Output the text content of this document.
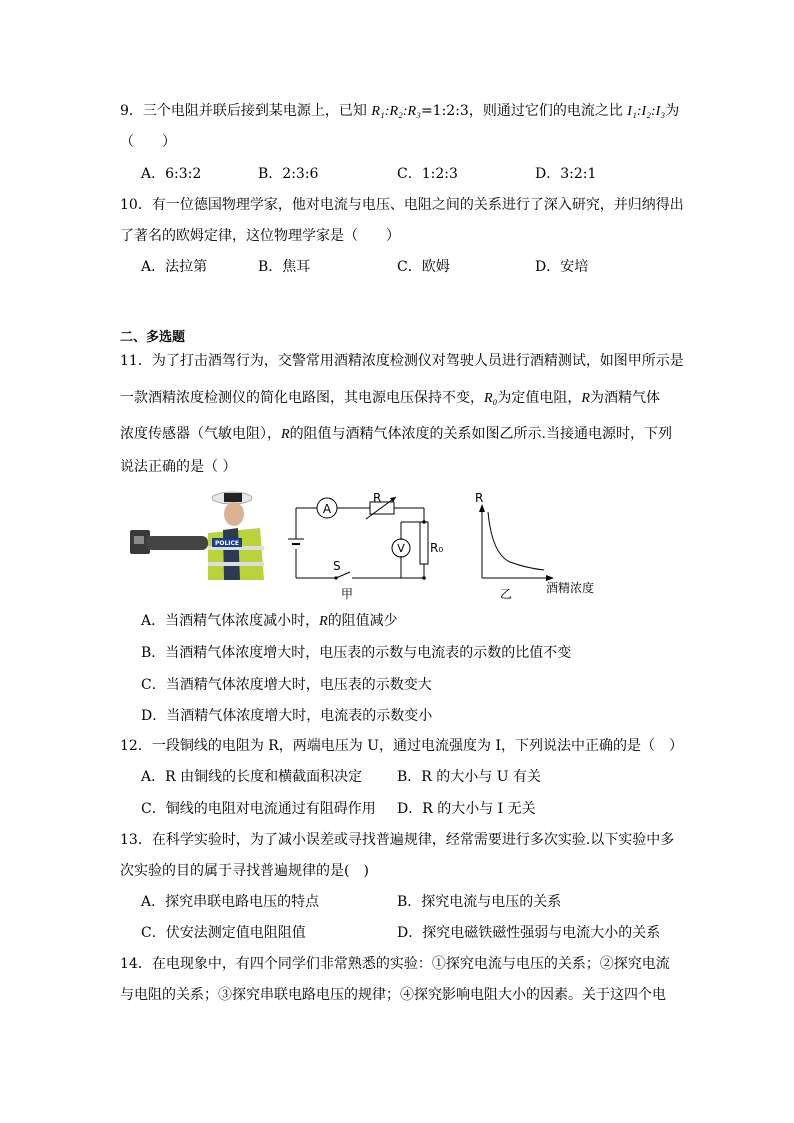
9．三个电阻并联后接到某电源上，已知 R₁:R₂:R₃=1:2:3，则通过它们的电流之比 I₁:I₂:I₃为
（　　）
A．6:3:2	B．2:3:6	C．1:2:3	D．3:2:1
10．有一位德国物理学家，他对电流与电压、电阻之间的关系进行了深入研究，并归纳得出
了著名的欧姆定律，这位物理学家是（　　）
A．法拉第	B．焦耳	C．欧姆	D．安培
二、多选题
11．为了打击酒驾行为，交警常用酒精浓度检测仪对驾驶人员进行酒精测试，如图甲所示是
一款酒精浓度检测仪的简化电路图，其电源电压保持不变，R₀为定值电阻，R为酒精气体
浓度传感器（气敏电阻），R的阻值与酒精气体浓度的关系如图乙所示.当接通电源时，下列
说法正确的是（ ）
POLICE
A
V
R
R₀
S
甲
R
酒精浓度
乙
A．当酒精气体浓度减小时，R的阻值减少
B．当酒精气体浓度增大时，电压表的示数与电流表的示数的比值不变
C．当酒精气体浓度增大时，电压表的示数变大
D．当酒精气体浓度增大时，电流表的示数变小
12．一段铜线的电阻为 R，两端电压为 U，通过电流强度为 I，下列说法中正确的是（　）
A．R 由铜线的长度和横截面积决定 B．R 的大小与 U 有关
C．铜线的电阻对电流通过有阻碍作用 D．R 的大小与 I 无关
13．在科学实验时，为了减小误差或寻找普遍规律，经常需要进行多次实验.以下实验中多
次实验的目的属于寻找普遍规律的是(　)
A．探究串联电路电压的特点	B．探究电流与电压的关系
C．伏安法测定值电阻阻值	D．探究电磁铁磁性强弱与电流大小的关系
14．在电现象中，有四个同学们非常熟悉的实验：①探究电流与电压的关系；②探究电流
与电阻的关系；③探究串联电路电压的规律；④探究影响电阻大小的因素。关于这四个电
